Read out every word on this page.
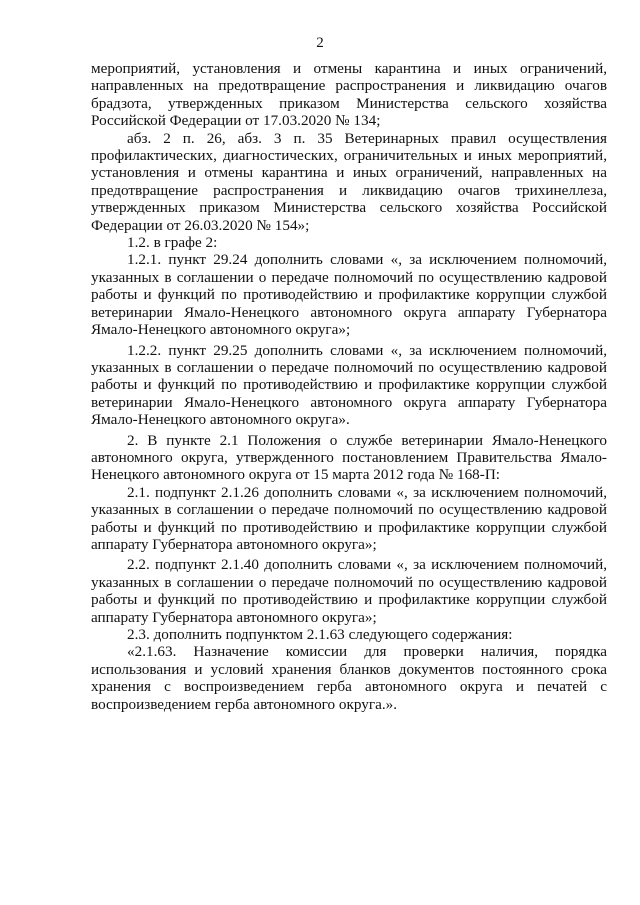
2

мероприятий, установления и отмены карантина и иных ограничений, направленных на предотвращение распространения и ликвидацию очагов брадзота, утвержденных приказом Министерства сельского хозяйства Российской Федерации от 17.03.2020 № 134;

абз. 2 п. 26, абз. 3 п. 35 Ветеринарных правил осуществления профилактических, диагностических, ограничительных и иных мероприятий, установления и отмены карантина и иных ограничений, направленных на предотвращение распространения и ликвидацию очагов трихинеллеза, утвержденных приказом Министерства сельского хозяйства Российской Федерации от 26.03.2020 № 154»;

1.2. в графе 2:

1.2.1. пункт 29.24 дополнить словами «, за исключением полномочий, указанных в соглашении о передаче полномочий по осуществлению кадровой работы и функций по противодействию и профилактике коррупции службой ветеринарии Ямало-Ненецкого автономного округа аппарату Губернатора Ямало-Ненецкого автономного округа»;

1.2.2. пункт 29.25 дополнить словами «, за исключением полномочий, указанных в соглашении о передаче полномочий по осуществлению кадровой работы и функций по противодействию и профилактике коррупции службой ветеринарии Ямало-Ненецкого автономного округа аппарату Губернатора Ямало-Ненецкого автономного округа».

2. В пункте 2.1 Положения о службе ветеринарии Ямало-Ненецкого автономного округа, утвержденного постановлением Правительства Ямало-Ненецкого автономного округа от 15 марта 2012 года № 168-П:

2.1. подпункт 2.1.26 дополнить словами «, за исключением полномочий, указанных в соглашении о передаче полномочий по осуществлению кадровой работы и функций по противодействию и профилактике коррупции службой аппарату Губернатора автономного округа»;

2.2. подпункт 2.1.40 дополнить словами «, за исключением полномочий, указанных в соглашении о передаче полномочий по осуществлению кадровой работы и функций по противодействию и профилактике коррупции службой аппарату Губернатора автономного округа»;

2.3. дополнить подпунктом 2.1.63 следующего содержания:

«2.1.63. Назначение комиссии для проверки наличия, порядка использования и условий хранения бланков документов постоянного срока хранения с воспроизведением герба автономного округа и печатей с воспроизведением герба автономного округа.».
